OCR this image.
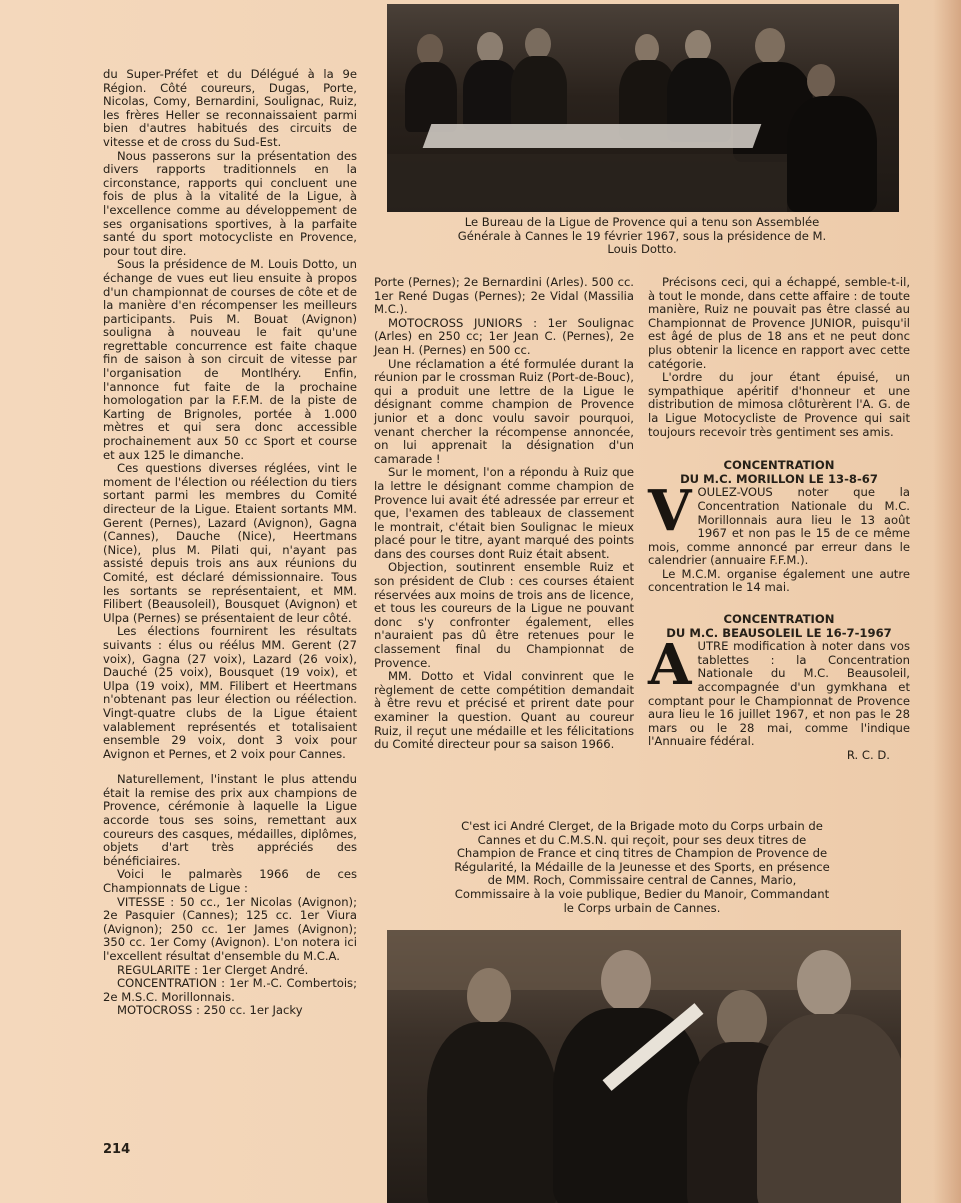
du Super-Préfet et du Délégué à la 9e Région. Côté coureurs, Dugas, Porte, Nicolas, Comy, Bernardini, Soulignac, Ruiz, les frères Heller se reconnaissaient parmi bien d'autres habitués des circuits de vitesse et de cross du Sud-Est.

Nous passerons sur la présentation des divers rapports traditionnels en la circonstance, rapports qui concluent une fois de plus à la vitalité de la Ligue, à l'excellence comme au développement de ses organisations sportives, à la parfaite santé du sport motocycliste en Provence, pour tout dire.

Sous la présidence de M. Louis Dotto, un échange de vues eut lieu ensuite à propos d'un championnat de courses de côte et de la manière d'en récompenser les meilleurs participants. Puis M. Bouat (Avignon) souligna à nouveau le fait qu'une regrettable concurrence est faite chaque fin de saison à son circuit de vitesse par l'organisation de Montlhéry. Enfin, l'annonce fut faite de la prochaine homologation par la F.F.M. de la piste de Karting de Brignoles, portée à 1.000 mètres et qui sera donc accessible prochainement aux 50 cc Sport et course et aux 125 le dimanche.

Ces questions diverses réglées, vint le moment de l'élection ou réélection du tiers sortant parmi les membres du Comité directeur de la Ligue. Etaient sortants MM. Gerent (Pernes), Lazard (Avignon), Gagna (Cannes), Dauche (Nice), Heertmans (Nice), plus M. Pilati qui, n'ayant pas assisté depuis trois ans aux réunions du Comité, est déclaré démissionnaire. Tous les sortants se représentaient, et MM. Filibert (Beausoleil), Bousquet (Avignon) et Ulpa (Pernes) se présentaient de leur côté.

Les élections fournirent les résultats suivants : élus ou réélus MM. Gerent (27 voix), Gagna (27 voix), Lazard (26 voix), Dauché (25 voix), Bousquet (19 voix), et Ulpa (19 voix), MM. Filibert et Heertmans n'obtenant pas leur élection ou réélection. Vingt-quatre clubs de la Ligue étaient valablement représentés et totalisaient ensemble 29 voix, dont 3 voix pour Avignon et Pernes, et 2 voix pour Cannes.

Naturellement, l'instant le plus attendu était la remise des prix aux champions de Provence, cérémonie à laquelle la Ligue accorde tous ses soins, remettant aux coureurs des casques, médailles, diplômes, objets d'art très appréciés des bénéficiaires.

Voici le palmarès 1966 de ces Championnats de Ligue :

VITESSE : 50 cc., 1er Nicolas (Avignon); 2e Pasquier (Cannes); 125 cc. 1er Viura (Avignon); 250 cc. 1er James (Avignon); 350 cc. 1er Comy (Avignon). L'on notera ici l'excellent résultat d'ensemble du M.C.A.

REGULARITE : 1er Clerget André.

CONCENTRATION : 1er M.-C. Combertois; 2e M.S.C. Morillonnais.

MOTOCROSS : 250 cc. 1er Jacky

Le Bureau de la Ligue de Provence qui a tenu son Assemblée Générale à Cannes le 19 février 1967, sous la présidence de M. Louis Dotto.

Porte (Pernes); 2e Bernardini (Arles). 500 cc. 1er René Dugas (Pernes); 2e Vidal (Massilia M.C.).

MOTOCROSS JUNIORS : 1er Soulignac (Arles) en 250 cc; 1er Jean C. (Pernes), 2e Jean H. (Pernes) en 500 cc.

Une réclamation a été formulée durant la réunion par le crossman Ruiz (Port-de-Bouc), qui a produit une lettre de la Ligue le désignant comme champion de Provence junior et a donc voulu savoir pourquoi, venant chercher la récompense annoncée, on lui apprenait la désignation d'un camarade !

Sur le moment, l'on a répondu à Ruiz que la lettre le désignant comme champion de Provence lui avait été adressée par erreur et que, l'examen des tableaux de classement le montrait, c'était bien Soulignac le mieux placé pour le titre, ayant marqué des points dans des courses dont Ruiz était absent.

Objection, soutinrent ensemble Ruiz et son président de Club : ces courses étaient réservées aux moins de trois ans de licence, et tous les coureurs de la Ligue ne pouvant donc s'y confronter également, elles n'auraient pas dû être retenues pour le classement final du Championnat de Provence.

MM. Dotto et Vidal convinrent que le règlement de cette compétition demandait à être revu et précisé et prirent date pour examiner la question. Quant au coureur Ruiz, il reçut une médaille et les félicitations du Comité directeur pour sa saison 1966.

Précisons ceci, qui a échappé, semble-t-il, à tout le monde, dans cette affaire : de toute manière, Ruiz ne pouvait pas être classé au Championnat de Provence JUNIOR, puisqu'il est âgé de plus de 18 ans et ne peut donc plus obtenir la licence en rapport avec cette catégorie.

L'ordre du jour étant épuisé, un sympathique apéritif d'honneur et une distribution de mimosa clôturèrent l'A. G. de la Ligue Motocycliste de Provence qui sait toujours recevoir très gentiment ses amis.

CONCENTRATION
DU M.C. MORILLON LE 13-8-67

VOULEZ-VOUS noter que la Concentration Nationale du M.C. Morillonnais aura lieu le 13 août 1967 et non pas le 15 de ce même mois, comme annoncé par erreur dans le calendrier (annuaire F.F.M.).

Le M.C.M. organise également une autre concentration le 14 mai.

CONCENTRATION
DU M.C. BEAUSOLEIL LE 16-7-1967

AUTRE modification à noter dans vos tablettes : la Concentration Nationale du M.C. Beausoleil, accompagnée d'un gymkhana et comptant pour le Championnat de Provence aura lieu le 16 juillet 1967, et non pas le 28 mars ou le 28 mai, comme l'indique l'Annuaire fédéral.

R. C. D.

C'est ici André Clerget, de la Brigade moto du Corps urbain de Cannes et du C.M.S.N. qui reçoit, pour ses deux titres de Champion de France et cinq titres de Champion de Provence de Régularité, la Médaille de la Jeunesse et des Sports, en présence de MM. Roch, Commissaire central de Cannes, Mario, Commissaire à la voie publique, Bedier du Manoir, Commandant le Corps urbain de Cannes.
214
